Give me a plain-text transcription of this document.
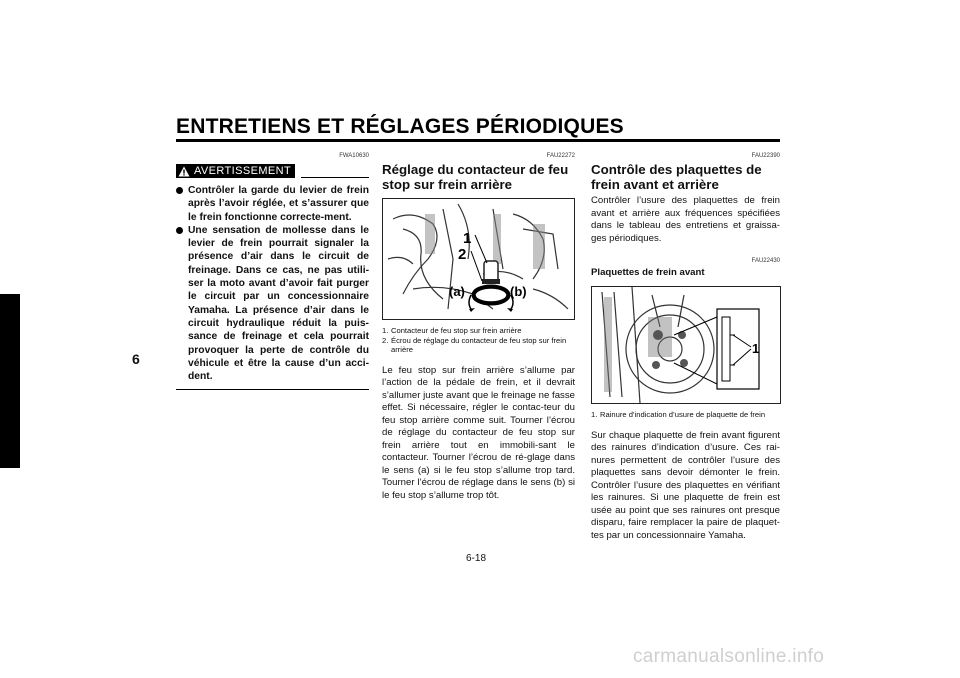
ENTRETIENS ET RÉGLAGES PÉRIODIQUES
6
FWA10630
AVERTISSEMENT
Contrôler la garde du levier de frein après l’avoir réglée, et s’assurer que le frein fonctionne correcte-ment.
Une sensation de mollesse dans le levier de frein pourrait signaler la présence d’air dans le circuit de freinage. Dans ce cas, ne pas utili-ser la moto avant d’avoir fait purger le circuit par un concessionnaire Yamaha. La présence d’air dans le circuit hydraulique réduit la puis-sance de freinage et cela pourrait provoquer la perte de contrôle du véhicule et être la cause d’un acci-dent.
FAU22272
Réglage du contacteur de feu stop sur frein arrière
1
2
(a)	(b)
1. Contacteur de feu stop sur frein arrière
2. Écrou de réglage du contacteur de feu stop sur frein arrière

Le feu stop sur frein arrière s’allume par l’action de la pédale de frein, et il devrait s’allumer juste avant que le freinage ne fasse effet. Si nécessaire, régler le contac-teur du feu stop arrière comme suit. Tourner l’écrou de réglage du contacteur de feu stop sur frein arrière tout en immobili-sant le contacteur. Tourner l’écrou de ré-glage dans le sens (a) si le feu stop s’allume trop tard. Tourner l’écrou de réglage dans le sens (b) si le feu stop s’allume trop tôt.

FAU22390
Contrôle des plaquettes de frein avant et arrière

Contrôler l’usure des plaquettes de frein avant et arrière aux fréquences spécifiées dans le tableau des entretiens et graissa-ges périodiques.

FAU22430
Plaquettes de frein avant
1
1. Rainure d’indication d’usure de plaquette de frein

Sur chaque plaquette de frein avant figurent des rainures d’indication d’usure. Ces rai-nures permettent de contrôler l’usure des plaquettes sans devoir démonter le frein. Contrôler l’usure des plaquettes en vérifiant les rainures. Si une plaquette de frein est usée au point que ses rainures ont presque disparu, faire remplacer la paire de plaquet-tes par un concessionnaire Yamaha.

6-18
carmanualsonline.info
